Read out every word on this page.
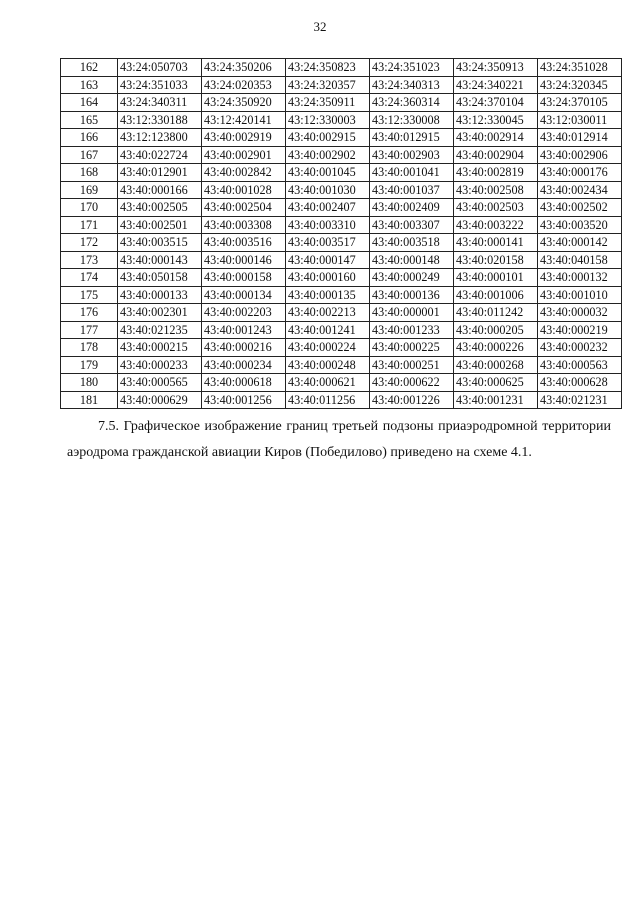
32
162	43:24:050703	43:24:350206	43:24:350823	43:24:351023	43:24:350913	43:24:351028
163	43:24:351033	43:24:020353	43:24:320357	43:24:340313	43:24:340221	43:24:320345
164	43:24:340311	43:24:350920	43:24:350911	43:24:360314	43:24:370104	43:24:370105
165	43:12:330188	43:12:420141	43:12:330003	43:12:330008	43:12:330045	43:12:030011
166	43:12:123800	43:40:002919	43:40:002915	43:40:012915	43:40:002914	43:40:012914
167	43:40:022724	43:40:002901	43:40:002902	43:40:002903	43:40:002904	43:40:002906
168	43:40:012901	43:40:002842	43:40:001045	43:40:001041	43:40:002819	43:40:000176
169	43:40:000166	43:40:001028	43:40:001030	43:40:001037	43:40:002508	43:40:002434
170	43:40:002505	43:40:002504	43:40:002407	43:40:002409	43:40:002503	43:40:002502
171	43:40:002501	43:40:003308	43:40:003310	43:40:003307	43:40:003222	43:40:003520
172	43:40:003515	43:40:003516	43:40:003517	43:40:003518	43:40:000141	43:40:000142
173	43:40:000143	43:40:000146	43:40:000147	43:40:000148	43:40:020158	43:40:040158
174	43:40:050158	43:40:000158	43:40:000160	43:40:000249	43:40:000101	43:40:000132
175	43:40:000133	43:40:000134	43:40:000135	43:40:000136	43:40:001006	43:40:001010
176	43:40:002301	43:40:002203	43:40:002213	43:40:000001	43:40:011242	43:40:000032
177	43:40:021235	43:40:001243	43:40:001241	43:40:001233	43:40:000205	43:40:000219
178	43:40:000215	43:40:000216	43:40:000224	43:40:000225	43:40:000226	43:40:000232
179	43:40:000233	43:40:000234	43:40:000248	43:40:000251	43:40:000268	43:40:000563
180	43:40:000565	43:40:000618	43:40:000621	43:40:000622	43:40:000625	43:40:000628
181	43:40:000629	43:40:001256	43:40:011256	43:40:001226	43:40:001231	43:40:021231

7.5. Графическое изображение границ третьей подзоны приаэродромной территории аэродрома гражданской авиации Киров (Победилово) приведено на схеме 4.1.
